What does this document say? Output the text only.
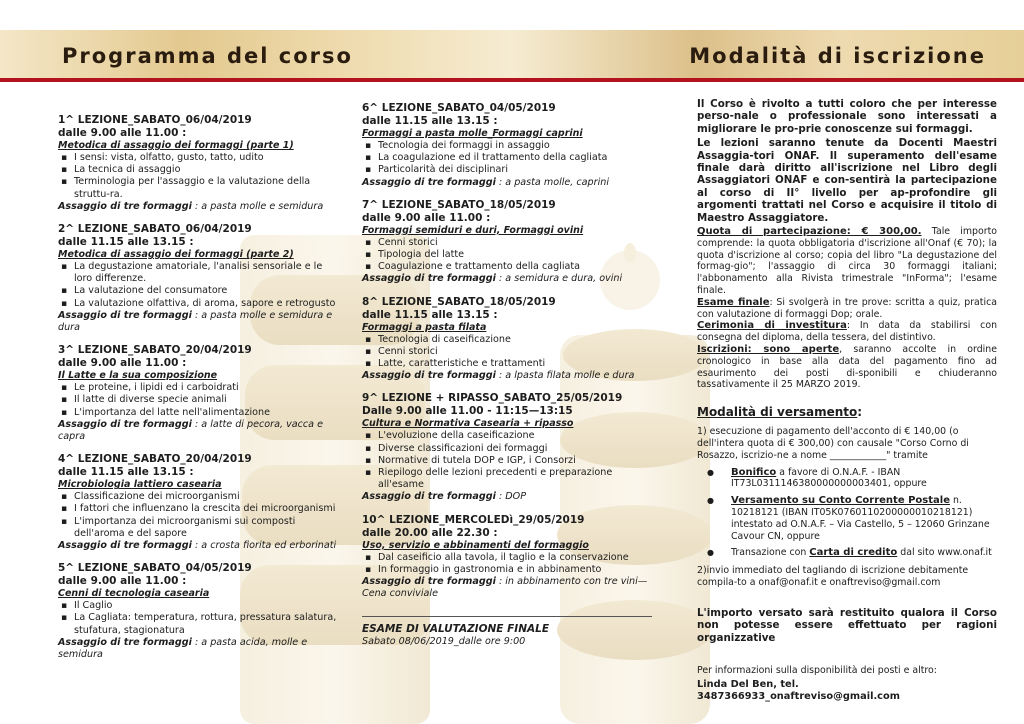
Programma del corso	Modalità di iscrizione
1^ LEZIONE_SABATO_06/04/2019
dalle 9.00 alle 11.00 :
Metodica di assaggio dei formaggi (parte 1)
▪ I sensi: vista, olfatto, gusto, tatto, udito
▪ La tecnica di assaggio
▪ Terminologia per l'assaggio e la valutazione della struttu-ra.
Assaggio di tre formaggi : a pasta molle e semidura
2^ LEZIONE_SABATO_06/04/2019
dalle 11.15 alle 13.15 :
Metodica di assaggio dei formaggi (parte 2)
▪ La degustazione amatoriale, l'analisi sensoriale e le loro differenze.
▪ La valutazione del consumatore
▪ La valutazione olfattiva, di aroma, sapore e retrogusto
Assaggio di tre formaggi : a pasta molle e semidura e dura
3^ LEZIONE_SABATO_20/04/2019
dalle 9.00 alle 11.00 :
Il Latte e la sua composizione
▪ Le proteine, i lipidi ed i carboidrati
▪ Il latte di diverse specie animali
▪ L'importanza del latte nell'alimentazione
Assaggio di tre formaggi : a latte di pecora, vacca e capra
4^ LEZIONE_SABATO_20/04/2019
dalle 11.15 alle 13.15 :
Microbiologia lattiero casearia
▪ Classificazione dei microorganismi
▪ I fattori che influenzano la crescita dei microorganismi
▪ L'importanza dei microorganismi sui composti dell'aroma e del sapore
Assaggio di tre formaggi : a crosta fiorita ed erborinati
5^ LEZIONE_SABATO_04/05/2019
dalle 9.00 alle 11.00 :
Cenni di tecnologia casearia
▪ Il Caglio
▪ La Cagliata: temperatura, rottura, pressatura salatura, stufatura, stagionatura
Assaggio di tre formaggi : a pasta acida, molle e semidura
6^ LEZIONE_SABATO_04/05/2019
dalle 11.15 alle 13.15 :
Formaggi a pasta molle_Formaggi caprini
▪ Tecnologia dei formaggi in assaggio
▪ La coagulazione ed il trattamento della cagliata
▪ Particolarità dei disciplinari
Assaggio di tre formaggi : a pasta molle, caprini
7^ LEZIONE_SABATO_18/05/2019
dalle 9.00 alle 11.00 :
Formaggi semiduri e duri, Formaggi ovini
▪ Cenni storici
▪ Tipologia del latte
▪ Coagulazione e trattamento della cagliata
Assaggio di tre formaggi : a semidura e dura, ovini
8^ LEZIONE_SABATO_18/05/2019
dalle 11.15 alle 13.15 :
Formaggi a pasta filata
▪ Tecnologia di caseificazione
▪ Cenni storici
▪ Latte, caratteristiche e trattamenti
Assaggio di tre formaggi : a lpasta filata molle e dura
9^ LEZIONE + RIPASSO_SABATO_25/05/2019
Dalle 9.00 alle 11.00 - 11:15—13:15
Cultura e Normativa Casearia + ripasso
▪ L'evoluzione della caseificazione
▪ Diverse classificazioni dei formaggi
▪ Normative di tutela DOP e IGP, i Consorzi
▪ Riepilogo delle lezioni precedenti e preparazione all'esame
Assaggio di tre formaggi : DOP
10^ LEZIONE_MERCOLEDì_29/05/2019
dalle 20.00 alle 22.30 :
Uso, servizio e abbinamenti del formaggio
▪ Dal caseificio alla tavola, il taglio e la conservazione
▪ In formaggio in gastronomia e in abbinamento
Assaggio di tre formaggi : in abbinamento con tre vini— Cena conviviale
ESAME DI VALUTAZIONE FINALE
Sabato 08/06/2019_dalle ore 9:00
Il Corso è rivolto a tutti coloro che per interesse perso-nale o professionale sono interessati a migliorare le pro-prie conoscenze sui formaggi.
Le lezioni saranno tenute da Docenti Maestri Assaggia-tori ONAF. Il superamento dell'esame finale darà diritto all'iscrizione nel Libro degli Assaggiatori ONAF e con-sentirà la partecipazione al corso di II° livello per ap-profondire gli argomenti trattati nel Corso e acquisire il titolo di Maestro Assaggiatore.
Quota di partecipazione: € 300,00. Tale importo comprende: la quota obbligatoria d'iscrizione all'Onaf (€ 70); la quota d'iscrizione al corso; copia del libro "La degustazione del formag-gio"; l'assaggio di circa 30 formaggi italiani; l'abbonamento alla Rivista trimestrale "InForma"; l'esame finale.
Esame finale: Si svolgerà in tre prove: scritta a quiz, pratica con valutazione di formaggi Dop; orale.
Cerimonia di investitura: In data da stabilirsi con consegna del diploma, della tessera, del distintivo.
Iscrizioni: sono aperte, saranno accolte in ordine cronologico in base alla data del pagamento fino ad esaurimento dei posti di-sponibili e chiuderanno tassativamente il 25 MARZO 2019.
Modalità di versamento:
1) esecuzione di pagamento dell'acconto di € 140,00 (o dell'intera quota di € 300,00) con causale "Corso Corno di Rosazzo, iscrizio-ne a nome ____________" tramite
● Bonifico a favore di O.N.A.F. - IBAN IT73L0311146380000000003401, oppure
● Versamento su Conto Corrente Postale n. 10218121 (IBAN IT05K0760110200000010218121) intestato ad O.N.A.F. – Via Castello, 5 – 12060 Grinzane Cavour CN, oppure
● Transazione con Carta di credito dal sito www.onaf.it
2)invio immediato del tagliando di iscrizione debitamente compila-to a onaf@onaf.it e onaftreviso@gmail.com
L'importo versato sarà restituito qualora il Corso non potesse essere effettuato per ragioni organizzative
Per informazioni sulla disponibilità dei posti e altro:
Linda Del Ben, tel. 3487366933_onaftreviso@gmail.com
